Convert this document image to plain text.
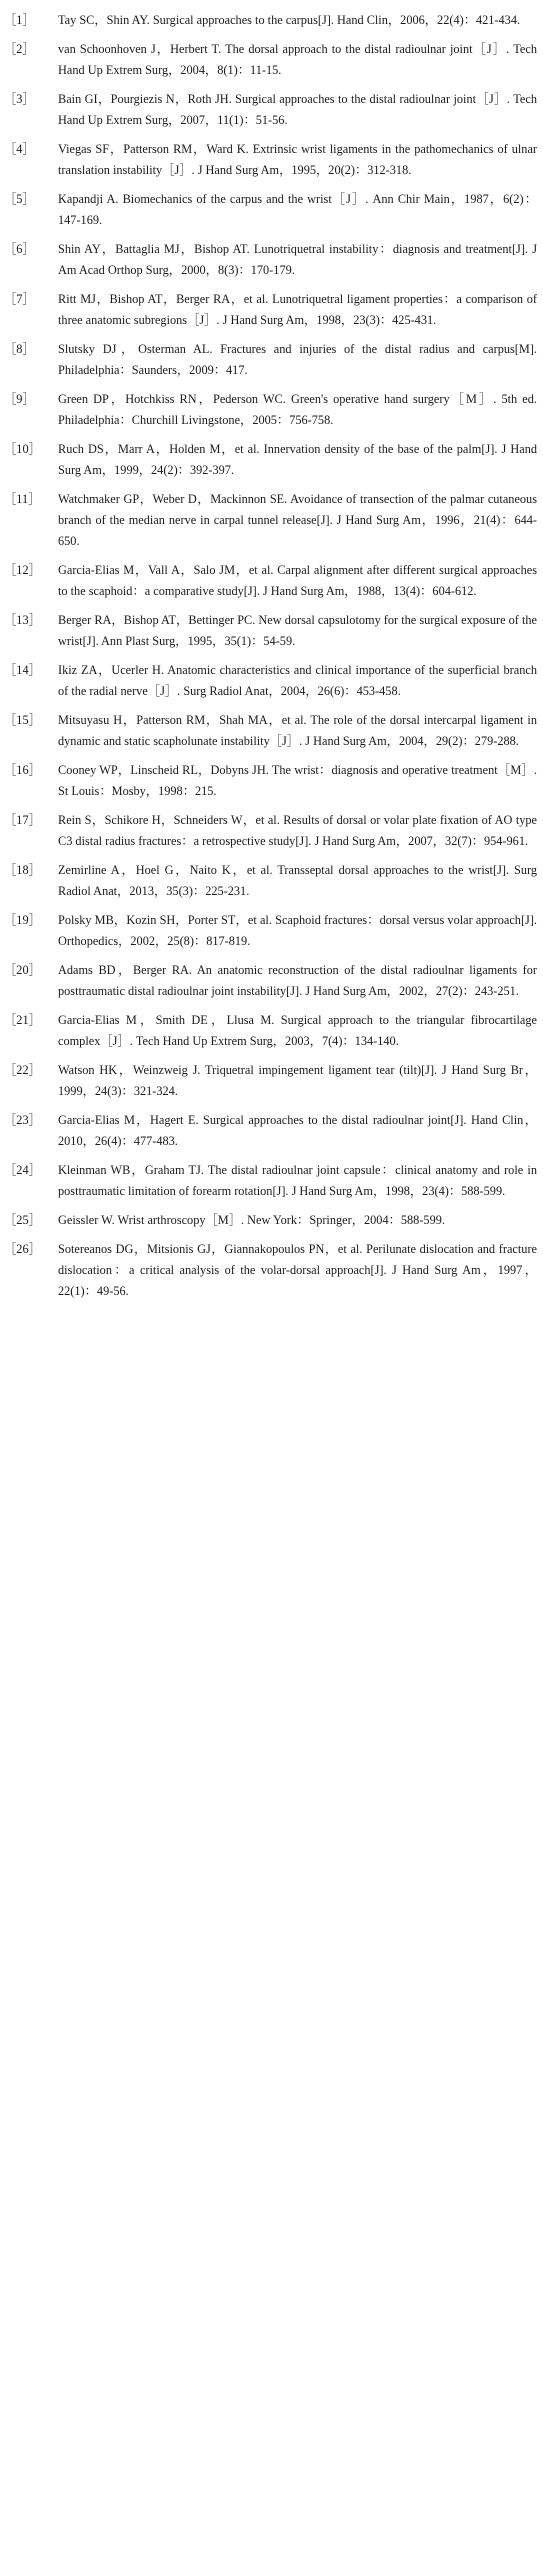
［1］	Tay SC，Shin AY. Surgical approaches to the carpus[J]. Hand Clin，2006，22(4)：421-434.
［2］	van Schoonhoven J，Herbert T. The dorsal approach to the distal radioulnar joint［J］. Tech Hand Up Extrem Surg，2004，8(1)：11-15.
［3］	Bain GI，Pourgiezis N，Roth JH. Surgical approaches to the distal radioulnar joint［J］. Tech Hand Up Extrem Surg，2007，11(1)：51-56.
［4］	Viegas SF，Patterson RM，Ward K. Extrinsic wrist ligaments in the pathomechanics of ulnar translation instability［J］. J Hand Surg Am，1995，20(2)：312-318.
［5］	Kapandji A. Biomechanics of the carpus and the wrist［J］. Ann Chir Main，1987，6(2)：147-169.
［6］	Shin AY，Battaglia MJ，Bishop AT. Lunotriquetral instability：diagnosis and treatment[J]. J Am Acad Orthop Surg，2000，8(3)：170-179.
［7］	Ritt MJ，Bishop AT，Berger RA，et al. Lunotriquetral ligament properties：a comparison of three anatomic subregions［J］. J Hand Surg Am，1998，23(3)：425-431.
［8］	Slutsky DJ，Osterman AL. Fractures and injuries of the distal radius and carpus[M]. Philadelphia：Saunders，2009：417.
［9］	Green DP，Hotchkiss RN，Pederson WC. Green's operative hand surgery［M］. 5th ed. Philadelphia：Churchill Livingstone，2005：756-758.
［10］	Ruch DS，Marr A，Holden M，et al. Innervation density of the base of the palm[J]. J Hand Surg Am，1999，24(2)：392-397.
［11］	Watchmaker GP，Weber D，Mackinnon SE. Avoidance of transection of the palmar cutaneous branch of the median nerve in carpal tunnel release[J]. J Hand Surg Am，1996，21(4)：644-650.
［12］	Garcia-Elias M，Vall A，Salo JM，et al. Carpal alignment after different surgical approaches to the scaphoid：a comparative study[J]. J Hand Surg Am，1988，13(4)：604-612.
［13］	Berger RA，Bishop AT，Bettinger PC. New dorsal capsulotomy for the surgical exposure of the wrist[J]. Ann Plast Surg，1995，35(1)：54-59.
［14］	Ikiz ZA，Ucerler H. Anatomic characteristics and clinical importance of the superficial branch of the radial nerve［J］. Surg Radiol Anat，2004，26(6)：453-458.
［15］	Mitsuyasu H，Patterson RM，Shah MA，et al. The role of the dorsal intercarpal ligament in dynamic and static scapholunate instability［J］. J Hand Surg Am，2004，29(2)：279-288.
［16］	Cooney WP，Linscheid RL，Dobyns JH. The wrist：diagnosis and operative treatment［M］. St Louis：Mosby，1998：215.
［17］	Rein S，Schikore H，Schneiders W，et al. Results of dorsal or volar plate fixation of AO type C3 distal radius fractures：a retrospective study[J]. J Hand Surg Am，2007，32(7)：954-961.
［18］	Zemirline A，Hoel G，Naito K，et al. Transseptal dorsal approaches to the wrist[J]. Surg Radiol Anat，2013，35(3)：225-231.
［19］	Polsky MB，Kozin SH，Porter ST，et al. Scaphoid fractures：dorsal versus volar approach[J]. Orthopedics，2002，25(8)：817-819.
［20］	Adams BD，Berger RA. An anatomic reconstruction of the distal radioulnar ligaments for posttraumatic distal radioulnar joint instability[J]. J Hand Surg Am，2002，27(2)：243-251.
［21］	Garcia-Elias M，Smith DE，Llusa M. Surgical approach to the triangular fibrocartilage complex［J］. Tech Hand Up Extrem Surg，2003，7(4)：134-140.
［22］	Watson HK，Weinzweig J. Triquetral impingement ligament tear (tilt)[J]. J Hand Surg Br，1999，24(3)：321-324.
［23］	Garcia-Elias M，Hagert E. Surgical approaches to the distal radioulnar joint[J]. Hand Clin，2010，26(4)：477-483.
［24］	Kleinman WB，Graham TJ. The distal radioulnar joint capsule：clinical anatomy and role in posttraumatic limitation of forearm rotation[J]. J Hand Surg Am，1998，23(4)：588-599.
［25］	Geissler W. Wrist arthroscopy［M］. New York：Springer，2004：588-599.
［26］	Sotereanos DG，Mitsionis GJ，Giannakopoulos PN，et al. Perilunate dislocation and fracture dislocation：a critical analysis of the volar-dorsal approach[J]. J Hand Surg Am，1997，22(1)：49-56.
